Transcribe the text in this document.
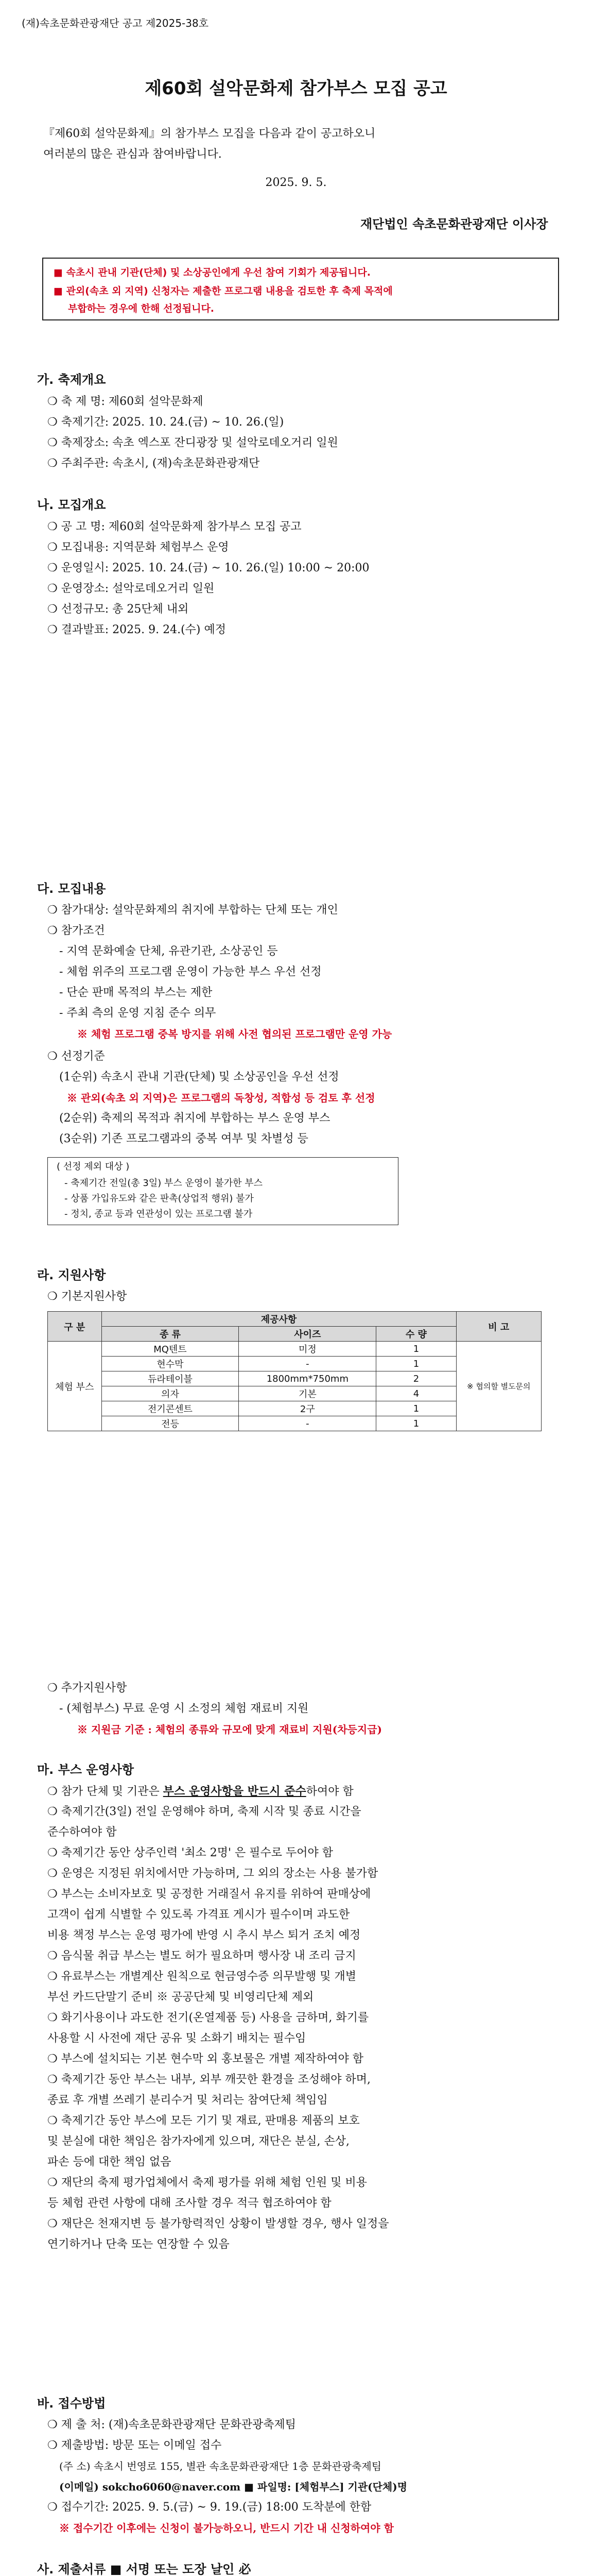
(재)속초문화관광재단 공고 제2025-38호
제60회 설악문화제 참가부스 모집 공고
『제60회 설악문화제』의 참가부스 모집을 다음과 같이 공고하오니
여러분의 많은 관심과 참여바랍니다.
2025. 9. 5.
재단법인 속초문화관광재단 이사장
■ 속초시 관내 기관(단체) 및 소상공인에게 우선 참여 기회가 제공됩니다.
■ 관외(속초 외 지역) 신청자는 제출한 프로그램 내용을 검토한 후 축제 목적에
부합하는 경우에 한해 선정됩니다.
가. 축제개요
❍ 축 제 명: 제60회 설악문화제
❍ 축제기간: 2025. 10. 24.(금) ~ 10. 26.(일)
❍ 축제장소: 속초 엑스포 잔디광장 및 설악로데오거리 일원
❍ 주최주관: 속초시, (재)속초문화관광재단
나. 모집개요
❍ 공 고 명: 제60회 설악문화제 참가부스 모집 공고
❍ 모집내용: 지역문화 체험부스 운영
❍ 운영일시: 2025. 10. 24.(금) ~ 10. 26.(일) 10:00 ~ 20:00
❍ 운영장소: 설악로데오거리 일원
❍ 선정규모: 총 25단체 내외
❍ 결과발표: 2025. 9. 24.(수) 예정
다. 모집내용
❍ 참가대상: 설악문화제의 취지에 부합하는 단체 또는 개인
❍ 참가조건
- 지역 문화예술 단체, 유관기관, 소상공인 등
- 체험 위주의 프로그램 운영이 가능한 부스 우선 선정
- 단순 판매 목적의 부스는 제한
- 주최 측의 운영 지침 준수 의무
※ 체험 프로그램 중복 방지를 위해 사전 협의된 프로그램만 운영 가능
❍ 선정기준
(1순위) 속초시 관내 기관(단체) 및 소상공인을 우선 선정
※ 관외(속초 외 지역)은 프로그램의 독창성, 적합성 등 검토 후 선정
(2순위) 축제의 목적과 취지에 부합하는 부스 운영 부스
(3순위) 기존 프로그램과의 중복 여부 및 차별성 등
( 선정 제외 대상 )
- 축제기간 전일(총 3일) 부스 운영이 불가한 부스
- 상품 가입유도와 같은 판촉(상업적 행위) 불가
- 정치, 종교 등과 연관성이 있는 프로그램 불가
라. 지원사항
❍ 기본지원사항
구 분	제공사항			비 고
	종 류	사이즈	수 량	
체험 부스	MQ텐트	미정	1	※ 협의할 별도문의
	현수막	-	1	
	듀라테이블	1800mm*750mm	2	
	의자	기본	4	
	전기콘센트	2구	1	
	전등	-	1	
❍ 추가지원사항
- (체험부스) 무료 운영 시 소정의 체험 재료비 지원
※ 지원금 기준 : 체험의 종류와 규모에 맞게 재료비 지원(차등지급)
마. 부스 운영사항
❍ 참가 단체 및 기관은 부스 운영사항을 반드시 준수하여야 함
❍ 축제기간(3일) 전일 운영해야 하며, 축제 시작 및 종료 시간을
준수하여야 함
❍ 축제기간 동안 상주인력 '최소 2명' 은 필수로 두어야 함
❍ 운영은 지정된 위치에서만 가능하며, 그 외의 장소는 사용 불가함
❍ 부스는 소비자보호 및 공정한 거래질서 유지를 위하여 판매상에
고객이 쉽게 식별할 수 있도록 가격표 게시가 필수이며 과도한
비용 책정 부스는 운영 평가에 반영 시 추시 부스 퇴거 조치 예정
❍ 음식물 취급 부스는 별도 허가 필요하며 행사장 내 조리 금지
❍ 유료부스는 개별계산 원칙으로 현금영수증 의무발행 및 개별
부선 카드단말기 준비 ※ 공공단체 및 비영리단체 제외
❍ 화기사용이나 과도한 전기(온열제품 등) 사용을 금하며, 화기를
사용할 시 사전에 재단 공유 및 소화기 배치는 필수임
❍ 부스에 설치되는 기본 현수막 외 홍보물은 개별 제작하여야 함
❍ 축제기간 동안 부스는 내부, 외부 깨끗한 환경을 조성해야 하며,
종료 후 개별 쓰레기 분리수거 및 처리는 참여단체 책임임
❍ 축제기간 동안 부스에 모든 기기 및 재료, 판매용 제품의 보호
및 분실에 대한 책임은 참가자에게 있으며, 재단은 분실, 손상,
파손 등에 대한 책임 없음
❍ 재단의 축제 평가업체에서 축제 평가를 위해 체험 인원 및 비용
등 체험 관련 사항에 대해 조사할 경우 적극 협조하여야 함
❍ 재단은 천재지변 등 불가항력적인 상황이 발생할 경우, 행사 일정을
연기하거나 단축 또는 연장할 수 있음
바. 접수방법
❍ 제 출 처: (재)속초문화관광재단 문화관광축제팀
❍ 제출방법: 방문 또는 이메일 접수
(주 소) 속초시 번영로 155, 별관 속초문화관광재단 1층 문화관광축제팀
(이메일) sokcho6060@naver.com ■ 파일명: [체험부스] 기관(단체)명
❍ 접수기간: 2025. 9. 5.(금) ~ 9. 19.(금) 18:00 도착분에 한함
※ 접수기간 이후에는 신청이 불가능하오니, 반드시 기간 내 신청하여야 함
사. 제출서류 ■ 서명 또는 도장 날인 必
